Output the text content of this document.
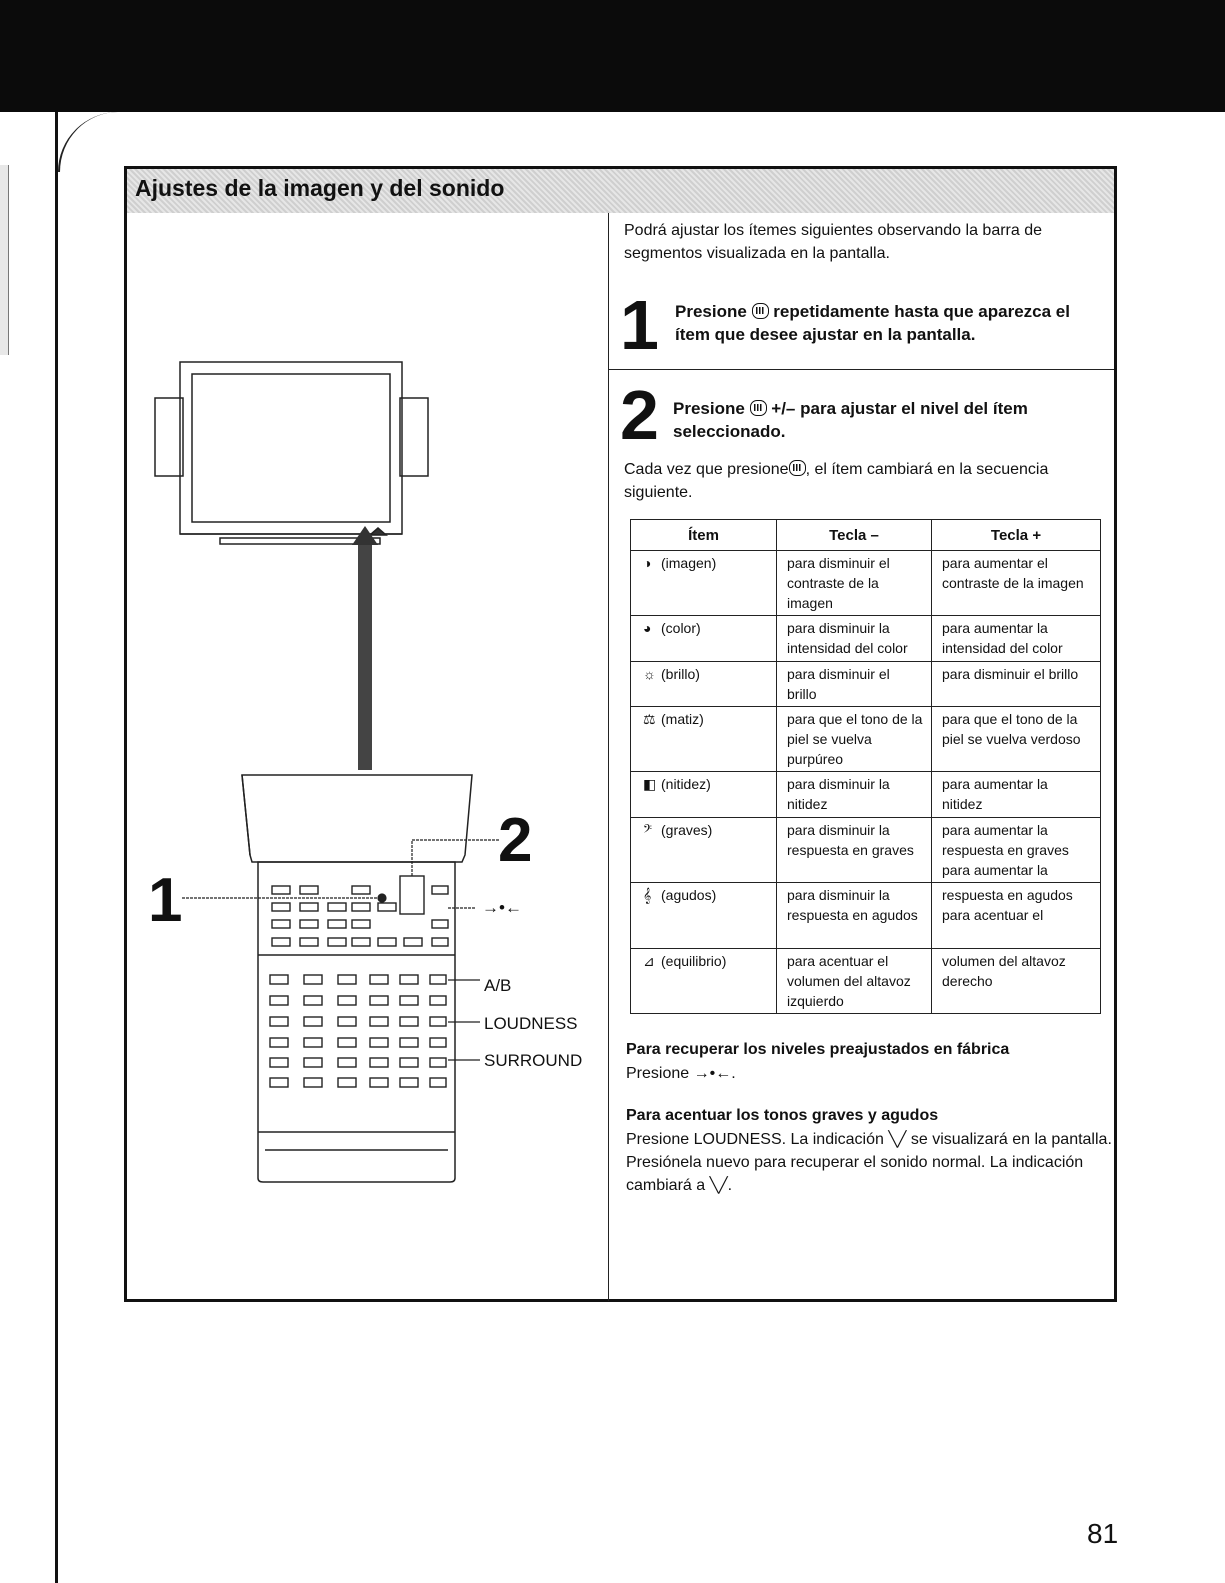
Ajustes de la imagen y del sonido
2
1	→•←
A/B
LOUDNESS
SURROUND
Podrá ajustar los ítemes siguientes observando la barra de segmentos visualizada en la pantalla.
1 Presione repetidamente hasta que aparezca el ítem que desee ajustar en la pantalla.
2 Presione +/– para ajustar el nivel del ítem seleccionado.
Cada vez que presione , el ítem cambiará en la secuencia siguiente.
Ítem	Tecla –	Tecla +
◑ (imagen)	para disminuir el contraste de la imagen	para aumentar el contraste de la imagen
◕ (color)	para disminuir la intensidad del color	para aumentar la intensidad del color
☼ (brillo)	para disminuir el brillo	para disminuir el brillo
⚖ (matiz)	para que el tono de la piel se vuelva purpúreo	para que el tono de la piel se vuelva verdoso
◧ (nitidez)	para disminuir la nitidez	para aumentar la nitidez
𝄢 (graves)	para disminuir la respuesta en graves	para aumentar la respuesta en graves para aumentar la
𝄞 (agudos)	para disminuir la respuesta en agudos	respuesta en agudos para acentuar el
⊿ (equilibrio)	para acentuar el volumen del altavoz izquierdo	volumen del altavoz derecho
Para recuperar los niveles preajustados en fábrica
Presione →•←.
Para acentuar los tonos graves y agudos
Presione LOUDNESS. La indicación ╲╱ se visualizará en la pantalla. Presiónela nuevo para recuperar el sonido normal. La indicación cambiará a ╲╱.
81
